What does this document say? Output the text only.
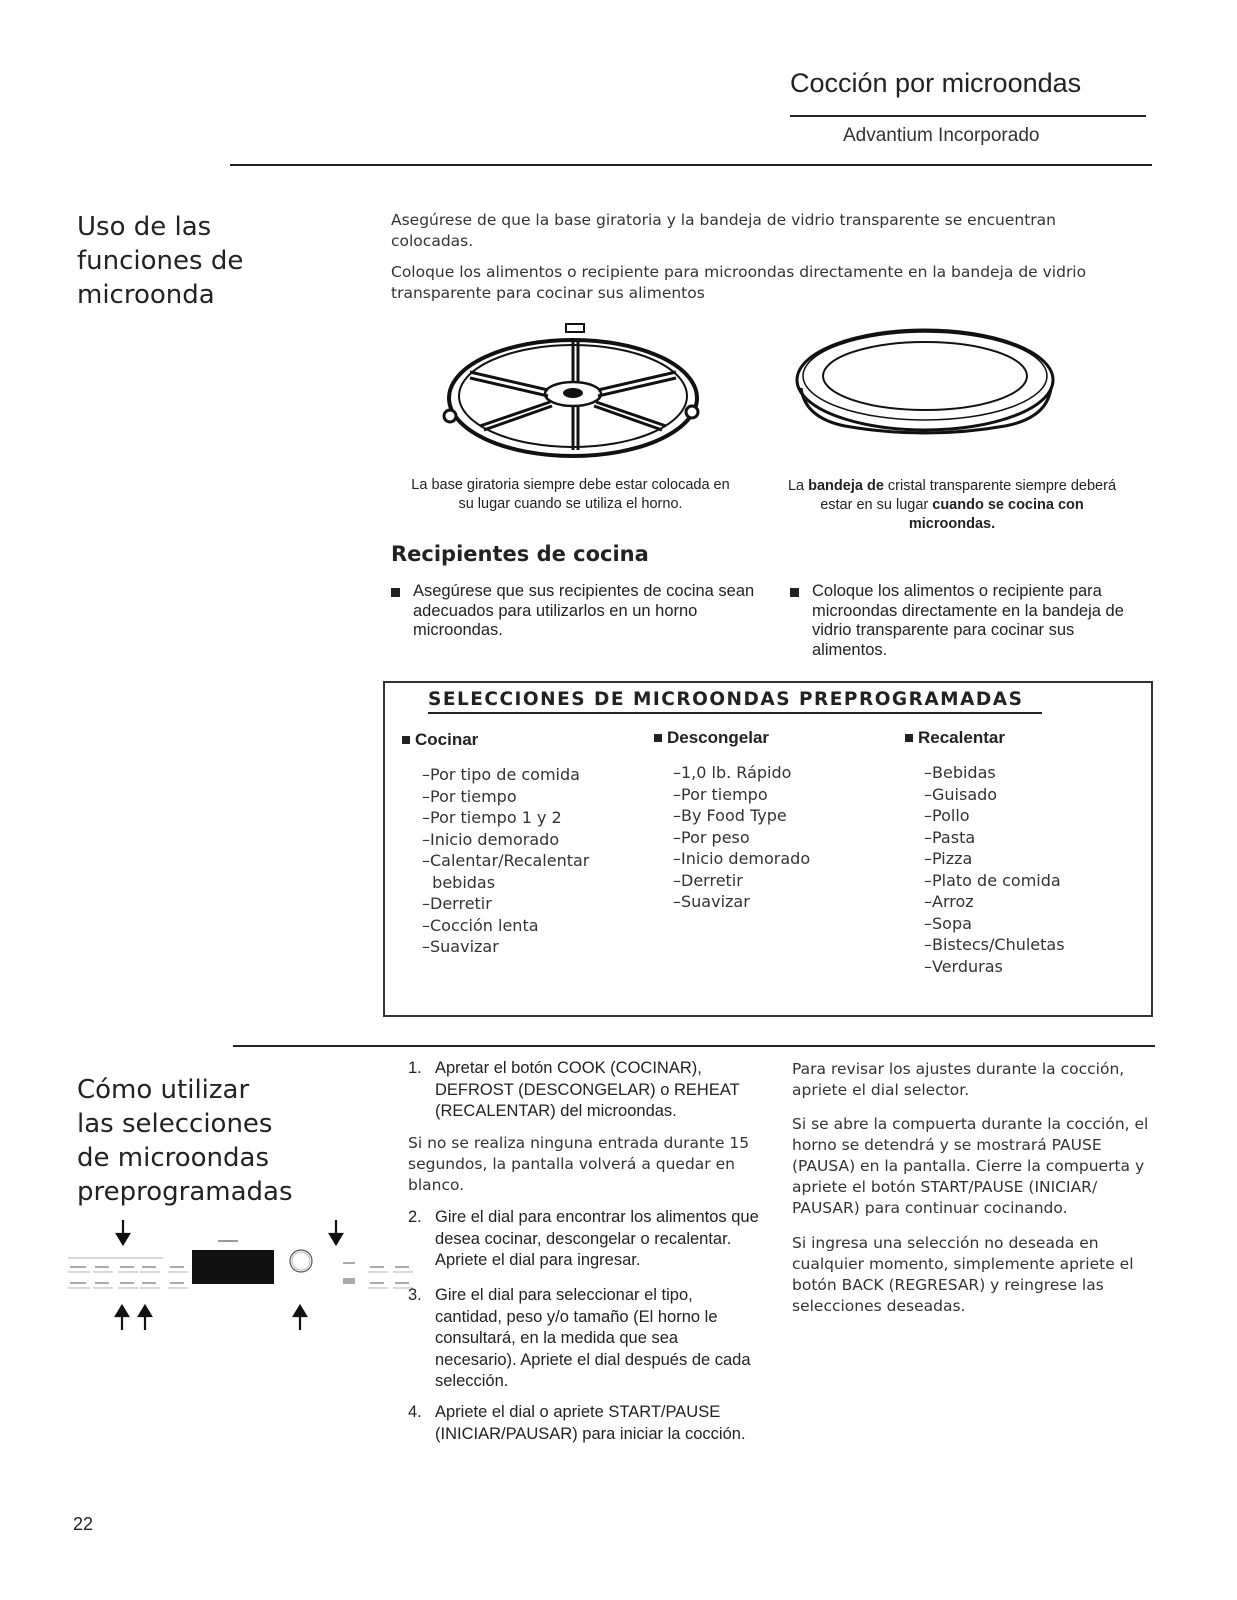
Cocción por microondas
Advantium Incorporado
Uso de las
funciones de
microonda
Asegúrese de que la base giratoria y la bandeja de vidrio transparente se encuentran colocadas.
Coloque los alimentos o recipiente para microondas directamente en la bandeja de vidrio transparente para cocinar sus alimentos
La base giratoria siempre debe estar colocada en su lugar cuando se utiliza el horno.
La bandeja de cristal transparente siempre deberá estar en su lugar cuando se cocina con microondas.
Recipientes de cocina
Asegúrese que sus recipientes de cocina sean adecuados para utilizarlos en un horno microondas.
Coloque los alimentos o recipiente para microondas directamente en la bandeja de vidrio transparente para cocinar sus alimentos.
SELECCIONES DE MICROONDAS PREPROGRAMADAS
Cocinar	Descongelar	Recalentar
–Por tipo de comida
–Por tiempo
–Por tiempo 1 y 2
–Inicio demorado
–Calentar/Recalentar
bebidas
–Derretir
–Cocción lenta
–Suavizar
–1,0 lb. Rápido
–Por tiempo
–By Food Type
–Por peso
–Inicio demorado
–Derretir
–Suavizar
–Bebidas
–Guisado
–Pollo
–Pasta
–Pizza
–Plato de comida
–Arroz
–Sopa
–Bistecs/Chuletas
–Verduras
Cómo utilizar
las selecciones
de microondas
preprogramadas
1. Apretar el botón COOK (COCINAR), DEFROST (DESCONGELAR) o REHEAT (RECALENTAR) del microondas.
Si no se realiza ninguna entrada durante 15 segundos, la pantalla volverá a quedar en blanco.
2. Gire el dial para encontrar los alimentos que desea cocinar, descongelar o recalentar. Apriete el dial para ingresar.
3. Gire el dial para seleccionar el tipo, cantidad, peso y/o tamaño (El horno le consultará, en la medida que sea necesario). Apriete el dial después de cada selección.
4. Apriete el dial o apriete START/PAUSE (INICIAR/PAUSAR) para iniciar la cocción.
Para revisar los ajustes durante la cocción, apriete el dial selector.
Si se abre la compuerta durante la cocción, el horno se detendrá y se mostrará PAUSE (PAUSA) en la pantalla. Cierre la compuerta y apriete el botón START/PAUSE (INICIAR/ PAUSAR) para continuar cocinando.
Si ingresa una selección no deseada en cualquier momento, simplemente apriete el botón BACK (REGRESAR) y reingrese las selecciones deseadas.
22
